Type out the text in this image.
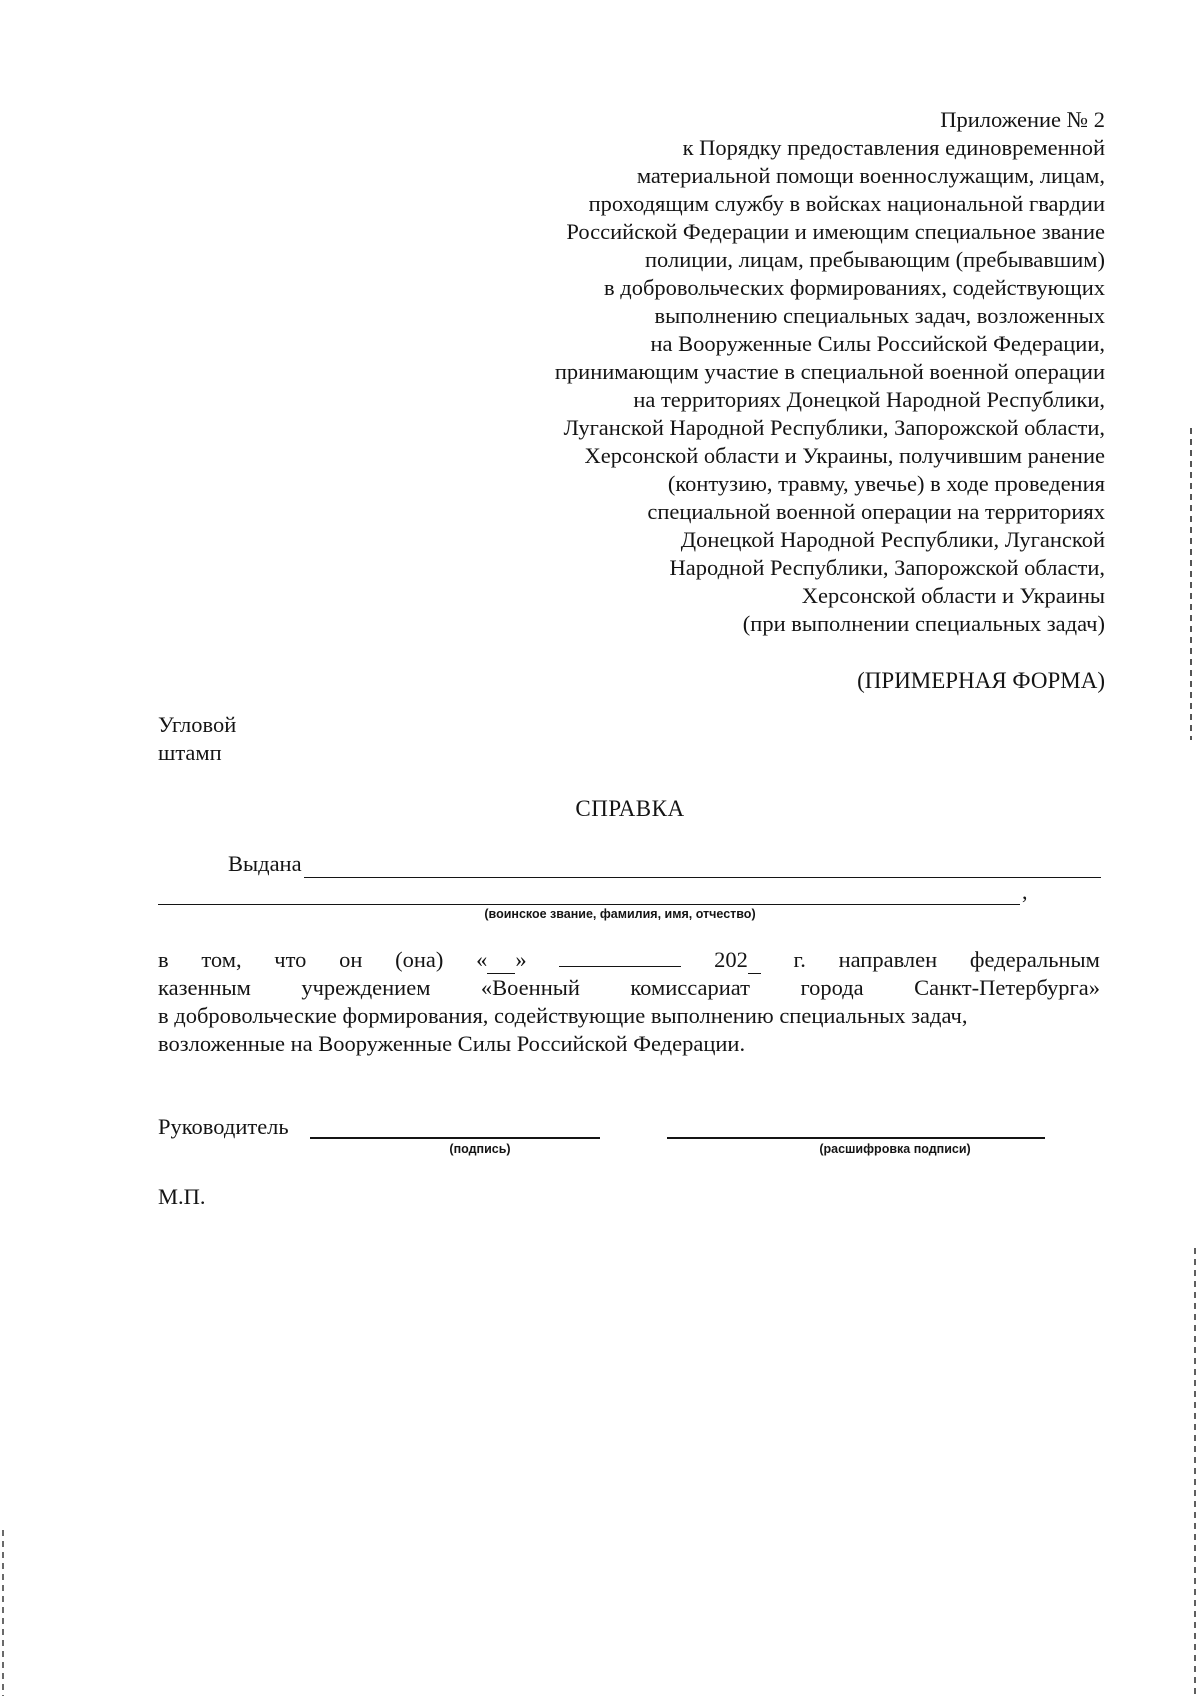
Приложение № 2
к Порядку предоставления единовременной
материальной помощи военнослужащим, лицам,
проходящим службу в войсках национальной гвардии
Российской Федерации и имеющим специальное звание
полиции, лицам, пребывающим (пребывавшим)
в добровольческих формированиях, содействующих
выполнению специальных задач, возложенных
на Вооруженные Силы Российской Федерации,
принимающим участие в специальной военной операции
на территориях Донецкой Народной Республики,
Луганской Народной Республики, Запорожской области,
Херсонской области и Украины, получившим ранение
(контузию, травму, увечье) в ходе проведения
специальной военной операции на территориях
Донецкой Народной Республики, Луганской
Народной Республики, Запорожской области,
Херсонской области и Украины
(при выполнении специальных задач)
(ПРИМЕРНАЯ ФОРМА)
Угловой
штамп
СПРАВКА
Выдана
,
(воинское звание, фамилия, имя, отчество)
в том, что он (она) « »	202 г. направлен федеральным
казенным учреждением «Военный комиссариат города Санкт-Петербурга»
в добровольческие формирования, содействующие выполнению специальных задач,
возложенные на Вооруженные Силы Российской Федерации.
Руководитель
(подпись)	(расшифровка подписи)
М.П.
